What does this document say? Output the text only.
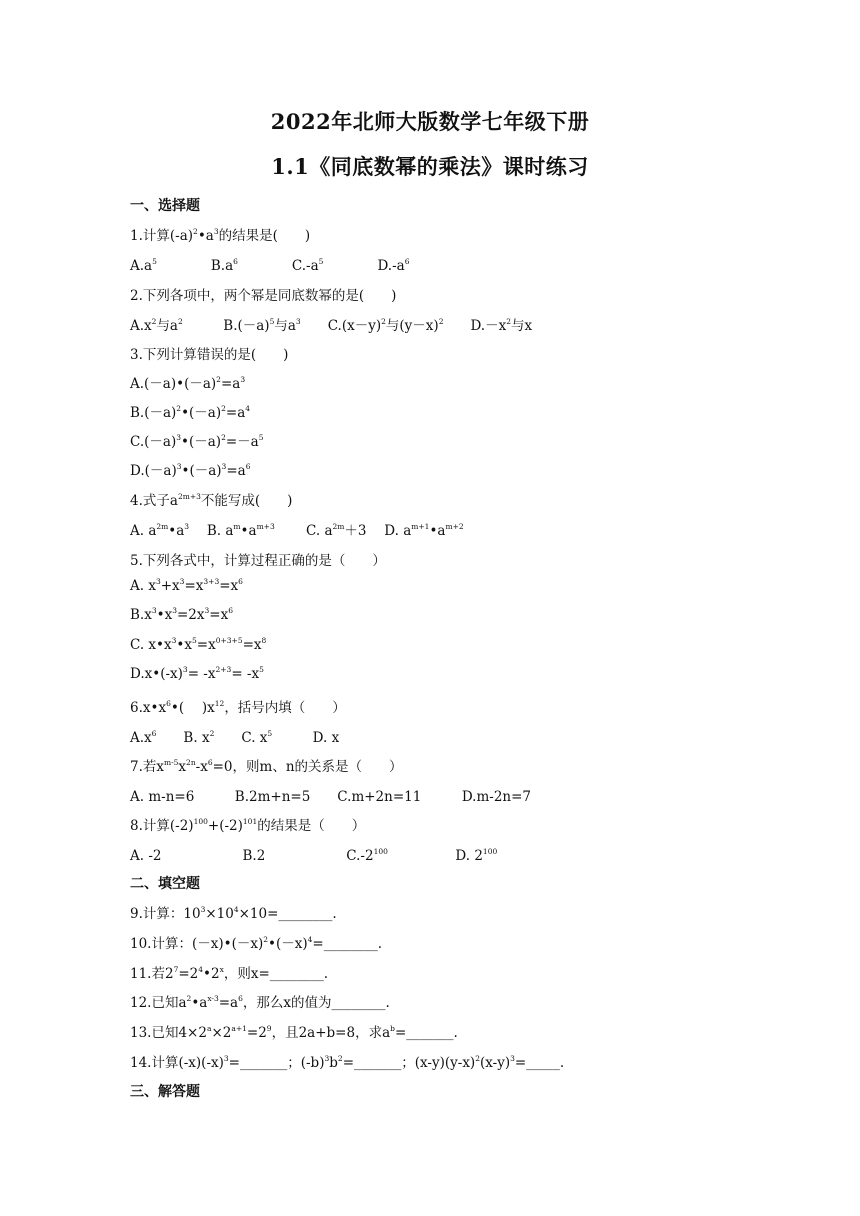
2022年北师大版数学七年级下册
1.1《同底数幂的乘法》课时练习
一、选择题
1.计算$(‑a)^2•a^3$的结果是(　　)
$A.a^5$　　　　$B.a^6$　　　　$C.‑a^5$　　　　$D.‑a^6$
2.下列各项中，两个幂是同底数幂的是(　　)
$A.x^2$与$a^2$　　　$B.(-a)^5$与$a^3$　　$C.(x-y)^2$与$(y-x)^2$　　$D.-x^2$与x
3.下列计算错误的是(　　)
$A.(-a)•(-a)^2=a^3$
$B.(-a)^2•(-a)^2=a^4$
$C.(-a)^3•(-a)^2=-a^5$
$D.(-a)^3•(-a)^3=a^6$
4.式子$a^{2m+3}$不能写成(　　)
A. $a^{2m}•a^3$　 B. $a^m•a^{m+3}$　　 C. $a^{2m}+3$　 D. $a^{m+1}•a^{m+2}$
5.下列各式中，计算过程正确的是（　　）
A. $x^3+x^3=x^{3+3}=x^6$
$B.x^3•x^3=2x^3=x^6$
C. $x•x^3•x^5=x^{0+3+5}=x^8$
$D.x•(-x)^3= -x^{2+3}= -x^5$
$6.x•x^6•$(　 )$x^{12}$，括号内填（　　）
$A.x^6$　　B. $x^2$　　C. $x^5$　　　D. x
7.若$x^{m-5}x^{2n}-x^6=0$，则m、n的关系是（　　）
A. m-n=6　　　B.2m+n=5　　C.m+2n=11　　　D.m-2n=7
8.计算$(-2)^{100}+(-2)^{101}$的结果是（　　）
A. -2　　　　　　B.2　　　　　　$C.-2^{100}$　　　　　D. $2^{100}$
二、填空题
9.计算：$10^3\times 10^4\times 10=\_\_\_\_\_\_\_\_$.
10.计算：$(-x)•(-x)^2•(-x)^4=\_\_\_\_\_\_\_\_$.
11.若$2^7=2^4•2^x$，则x=________.
12.已知$a^2•a^{x-3}=a^6$，那么x的值为________.
13.已知$4\times 2^a\times 2^{a+1}=2^9$，且2a+b=8，求$a^b=\_\_\_\_\_\_\_$.
14.计算$(-x)(-x)^3=\_\_\_\_\_\_\_$；$(-b)^3b^2=\_\_\_\_\_\_\_$；$(x-y)(y-x)^2(x-y)^3=\_\_\_\_\_$.
三、解答题
